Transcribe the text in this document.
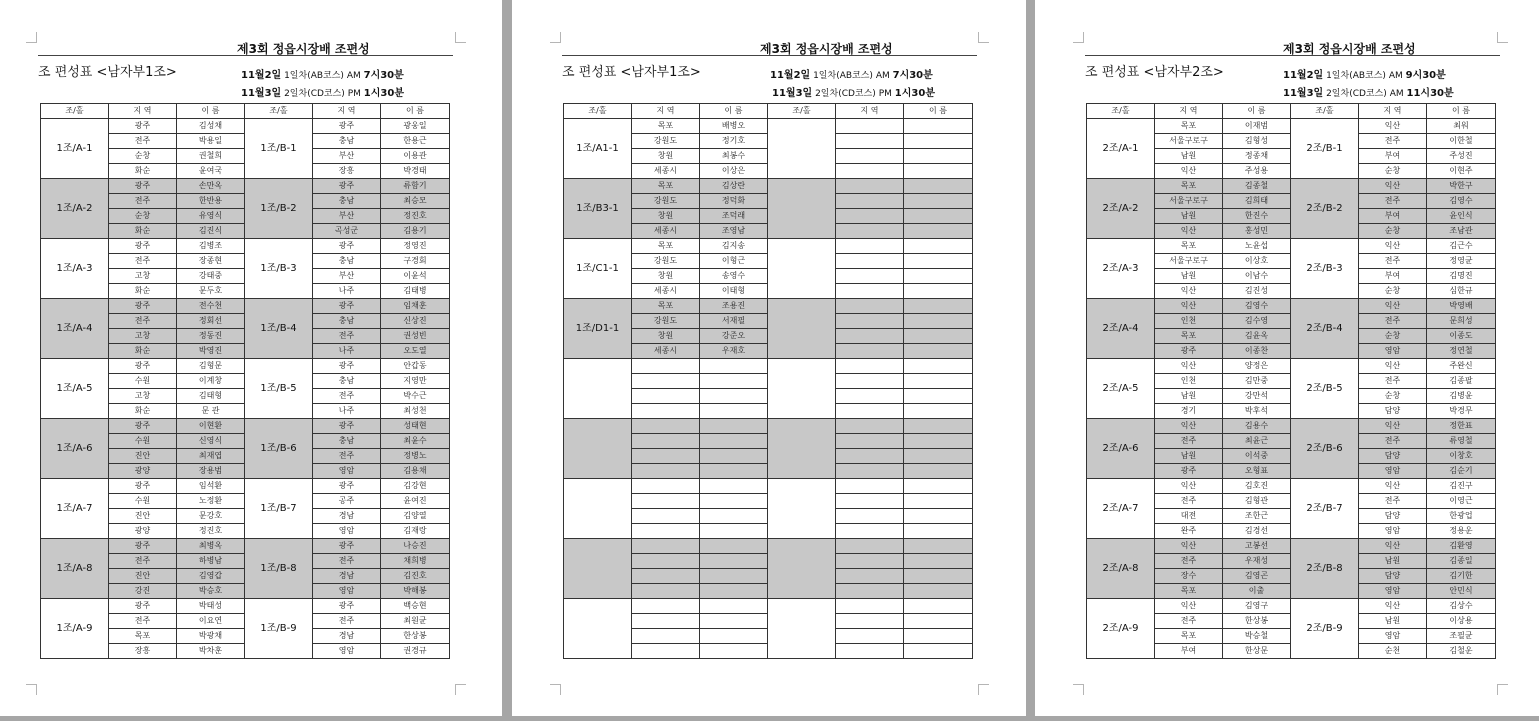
제3회 정읍시장배 조편성
조 편성표 <남자부1조>	11월2일 1일차(AB코스) AM 7시30분
11월3일 2일차(CD코스) PM 1시30분
조/홀	지 역	이 름	조/홀	지 역	이 름
1조/A-1	광주	김성채	1조/B-1	광주	광웅일
	전주	박용일		충남	한용근
	순창	권철희		부산	이용관
	화순	윤여국		장흥	박경태
1조/A-2	광주	손만옥	1조/B-2	광주	류함기
	전주	한반용		충남	최승모
	순창	유영식		부산	정진호
	화순	김진식		곡성군	김용기
1조/A-3	광주	김병조	1조/B-3	광주	정영진
	전주	장종현		충남	구경회
	고창	강태중		부산	이윤석
	화순	문두호		나주	김태병
1조/A-4	광주	전수천	1조/B-4	광주	임채훈
	전주	정회선		충남	신상진
	고창	정동진		전주	권성빈
	화순	박영진		나주	오도열
1조/A-5	광주	김형문	1조/B-5	광주	안갑동
	수원	이계창		충남	지영만
	고창	김태형		전주	박수근
	화순	문 관		나주	최성천
1조/A-6	광주	이현환	1조/B-6	광주	성태현
	수원	신영식		충남	최윤수
	진안	최재엽		전주	정병노
	광양	장용범		영암	김용채
1조/A-7	광주	임석환	1조/B-7	광주	김강현
	수원	노정환		공주	윤여진
	진안	문강호		경남	김양열
	광양	정진호		영암	김재랑
1조/A-8	광주	최병옥	1조/B-8	광주	나승진
	전주	하병남		전주	채희병
	진안	김영갑		경남	김진호
	강진	박승호		영암	박해봉
1조/A-9	광주	박태성	1조/B-9	광주	백승현
	전주	이요연		전주	최원균
	목포	박광채		경남	한상봉
	장흥	박차훈		영암	권경규
제3회 정읍시장배 조편성
조 편성표 <남자부1조>	11월2일 1일차(AB코스) AM 7시30분
11월3일 2일차(CD코스) PM 1시30분
조/홀	지 역	이 름	조/홀	지 역	이 름
1조/A1-1	목포	배병오			
	강원도	정기호			
	창원	최봉수			
	세종시	이상은			
1조/B3-1	목포	김상란			
	강원도	정덕화			
	창원	조덕래			
	세종시	조영남			
1조/C1-1	목포	김지송			
	강원도	이형근			
	창원	송영수			
	세종시	이태형			
1조/D1-1	목포	조용진			
	강원도	서재필			
	창원	강준오			
	세종시	우재호			

제3회 정읍시장배 조편성
조 편성표 <남자부2조>	11월2일 1일차(AB코스) AM 9시30분
11월3일 2일차(CD코스) AM 11시30분
조/홀	지 역	이 름	조/홀	지 역	이 름
2조/A-1	목포	이재범	2조/B-1	익산	최워
	서울구로구	김형성		전주	이한철
	남원	정종채		부여	주성진
	익산	주성용		순창	이현주
2조/A-2	목포	김종철	2조/B-2	익산	박한구
	서울구로구	김희태		전주	김영수
	남원	한진수		부여	윤인식
	익산	홍성민		순창	조남관
2조/A-3	목포	노윤섭	2조/B-3	익산	김근수
	서울구로구	이상호		전주	정영균
	남원	이남수		부여	김명진
	익산	김진성		순창	심한규
2조/A-4	익산	김영수	2조/B-4	익산	박영배
	인천	김수영		전주	문희성
	목포	김윤옥		순창	이종도
	광주	이종찬		영암	정연철
2조/A-5	익산	양정은	2조/B-5	익산	주완신
	인천	김만중		전주	김종팔
	남원	강만석		순창	김병윤
	경기	박후석		담양	박경무
2조/A-6	익산	김용수	2조/B-6	익산	정한표
	전주	최윤근		전주	류영철
	남원	이석중		담양	이창호
	광주	오형표		영암	김순기
2조/A-7	익산	김호진	2조/B-7	익산	김진구
	전주	김형관		전주	이영근
	대전	조한근		담양	한광업
	완주	김경선		영암	정용운
2조/A-8	익산	고봉선	2조/B-8	익산	김환영
	전주	우재성		남원	김종일
	장수	김영곤		담양	김기한
	목포	이출		영암	안민식
2조/A-9	익산	김영구	2조/B-9	익산	김상수
	전주	한상봉		남원	이상용
	목포	박승철		영암	조필균
	부여	한상문		순천	김철운
